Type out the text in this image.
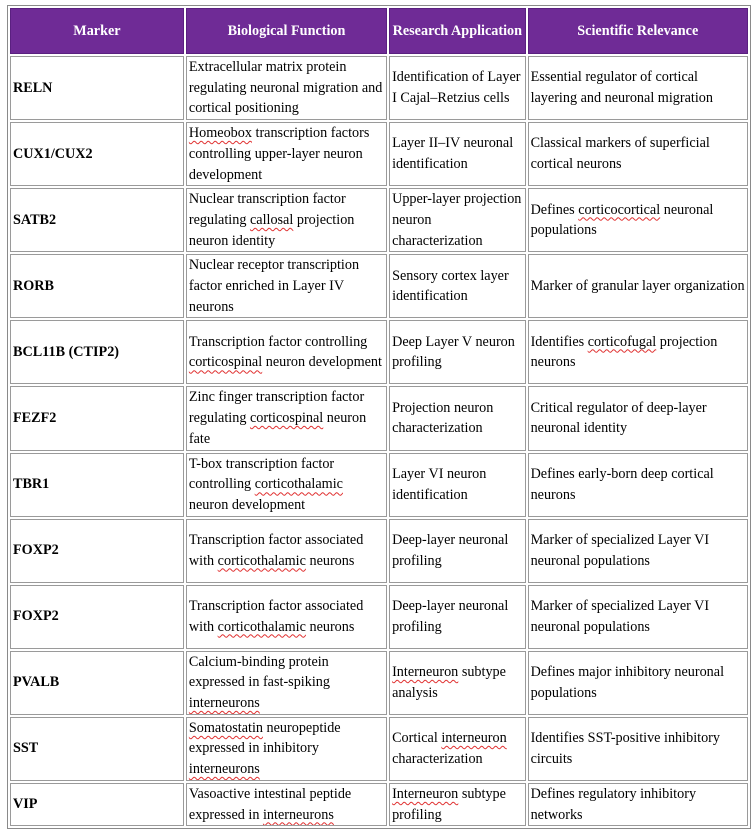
Marker	Biological Function	Research Application	Scientific Relevance
RELN	Extracellular matrix protein regulating neuronal migration and cortical positioning	Identification of Layer I Cajal–Retzius cells	Essential regulator of cortical layering and neuronal migration
CUX1/CUX2	Homeobox transcription factors controlling upper-layer neuron development	Layer II–IV neuronal identification	Classical markers of superficial cortical neurons
SATB2	Nuclear transcription factor regulating callosal projection neuron identity	Upper-layer projection neuron characterization	Defines corticocortical neuronal populations
RORB	Nuclear receptor transcription factor enriched in Layer IV neurons	Sensory cortex layer identification	Marker of granular layer organization
BCL11B (CTIP2)	Transcription factor controlling corticospinal neuron development	Deep Layer V neuron profiling	Identifies corticofugal projection neurons
FEZF2	Zinc finger transcription factor regulating corticospinal neuron fate	Projection neuron characterization	Critical regulator of deep-layer neuronal identity
TBR1	T-box transcription factor controlling corticothalamic neuron development	Layer VI neuron identification	Defines early-born deep cortical neurons
FOXP2	Transcription factor associated with corticothalamic neurons	Deep-layer neuronal profiling	Marker of specialized Layer VI neuronal populations
FOXP2	Transcription factor associated with corticothalamic neurons	Deep-layer neuronal profiling	Marker of specialized Layer VI neuronal populations
PVALB	Calcium-binding protein expressed in fast-spiking interneurons	Interneuron subtype analysis	Defines major inhibitory neuronal populations
SST	Somatostatin neuropeptide expressed in inhibitory interneurons	Cortical interneuron characterization	Identifies SST-positive inhibitory circuits
VIP	Vasoactive intestinal peptide expressed in interneurons	Interneuron subtype profiling	Defines regulatory inhibitory networks
